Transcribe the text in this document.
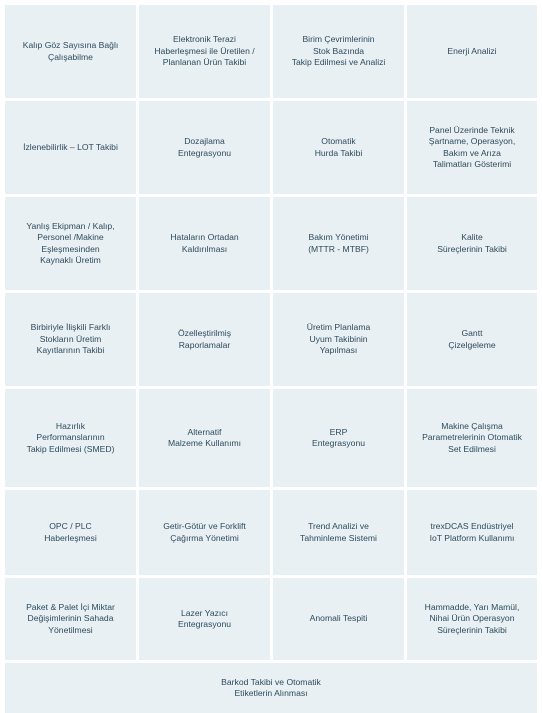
Kalıp Göz Sayısına Bağlı
Çalışabilme
Elektronik Terazi
Haberleşmesi ile Üretilen /
Planlanan Ürün Takibi
Birim Çevrimlerinin
Stok Bazında
Takip Edilmesi ve Analizi
Enerji Analizi
İzlenebilirlik – LOT Takibi
Dozajlama
Entegrasyonu
Otomatik
Hurda Takibi
Panel Üzerinde Teknik
Şartname, Operasyon,
Bakım ve Arıza
Talimatları Gösterimi
Yanlış Ekipman / Kalıp,
Personel /Makine
Eşleşmesinden
Kaynaklı Üretim
Hataların Ortadan
Kaldırılması
Bakım Yönetimi
(MTTR - MTBF)
Kalite
Süreçlerinin Takibi
Birbiriyle İlişkili Farklı
Stokların Üretim
Kayıtlarının Takibi
Özelleştirilmiş
Raporlamalar
Üretim Planlama
Uyum Takibinin
Yapılması
Gantt
Çizelgeleme
Hazırlık
Performanslarının
Takip Edilmesi (SMED)
Alternatif
Malzeme Kullanımı
ERP
Entegrasyonu
Makine Çalışma
Parametrelerinin Otomatik
Set Edilmesi
OPC / PLC
Haberleşmesi
Getir-Götür ve Forklift
Çağırma Yönetimi
Trend Analizi ve
Tahminleme Sistemi
trexDCAS Endüstriyel
IoT Platform Kullanımı
Paket & Palet İçi Miktar
Değişimlerinin Sahada
Yönetilmesi
Lazer Yazıcı
Entegrasyonu
Anomali Tespiti
Hammadde, Yarı Mamül,
Nihai Ürün Operasyon
Süreçlerinin Takibi
Barkod Takibi ve Otomatik
Etiketlerin Alınması
